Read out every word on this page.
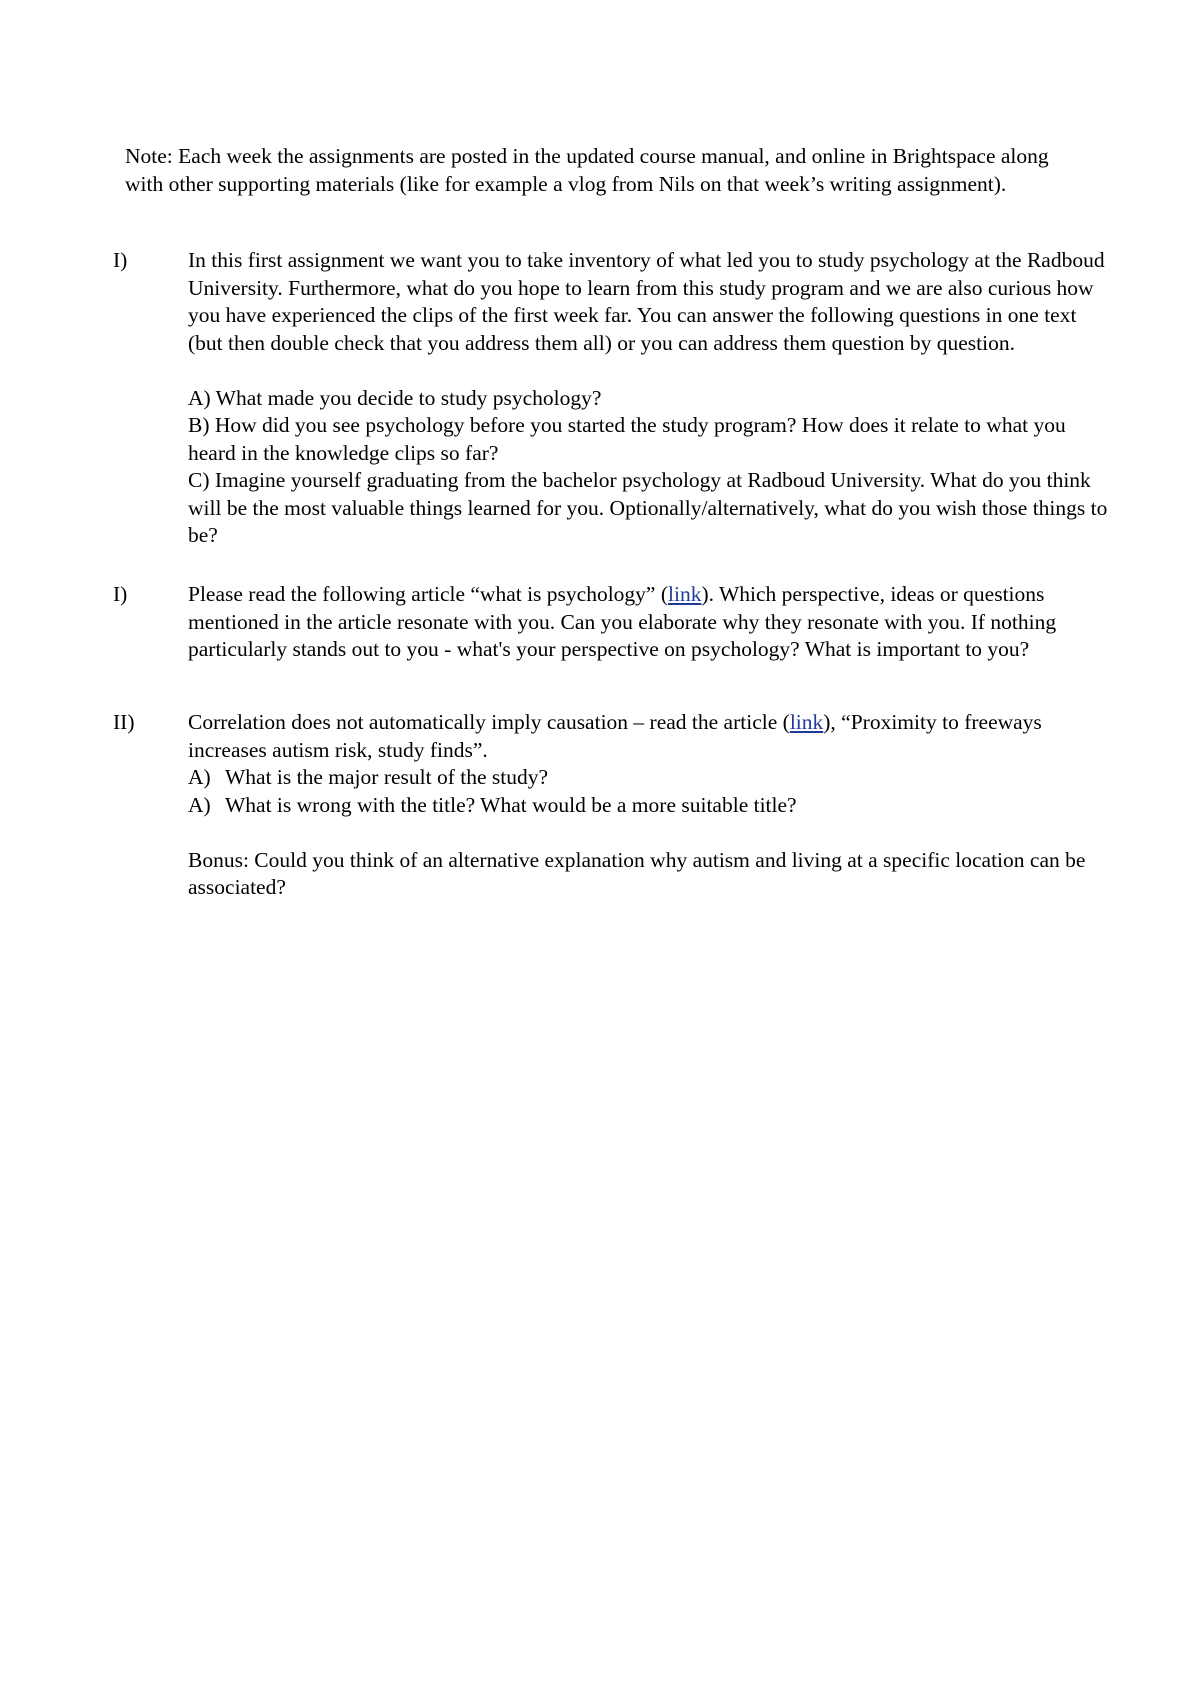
Note: Each week the assignments are posted in the updated course manual, and online in Brightspace along with other supporting materials (like for example a vlog from Nils on that week’s writing assignment).

I)	In this first assignment we want you to take inventory of what led you to study psychology at the Radboud University. Furthermore, what do you hope to learn from this study program and we are also curious how you have experienced the clips of the first week far. You can answer the following questions in one text (but then double check that you address them all) or you can address them question by question.

A) What made you decide to study psychology?

B) How did you see psychology before you started the study program? How does it relate to what you heard in the knowledge clips so far?

C) Imagine yourself graduating from the bachelor psychology at Radboud University. What do you think will be the most valuable things learned for you. Optionally/alternatively, what do you wish those things to be?

I)	Please read the following article “what is psychology” (link). Which perspective, ideas or questions mentioned in the article resonate with you. Can you elaborate why they resonate with you. If nothing particularly stands out to you - what's your perspective on psychology? What is important to you?

II) Correlation does not automatically imply causation – read the article (link), “Proximity to freeways increases autism risk, study finds”.

A) What is the major result of the study?

A) What is wrong with the title? What would be a more suitable title?

Bonus: Could you think of an alternative explanation why autism and living at a specific location can be associated?
